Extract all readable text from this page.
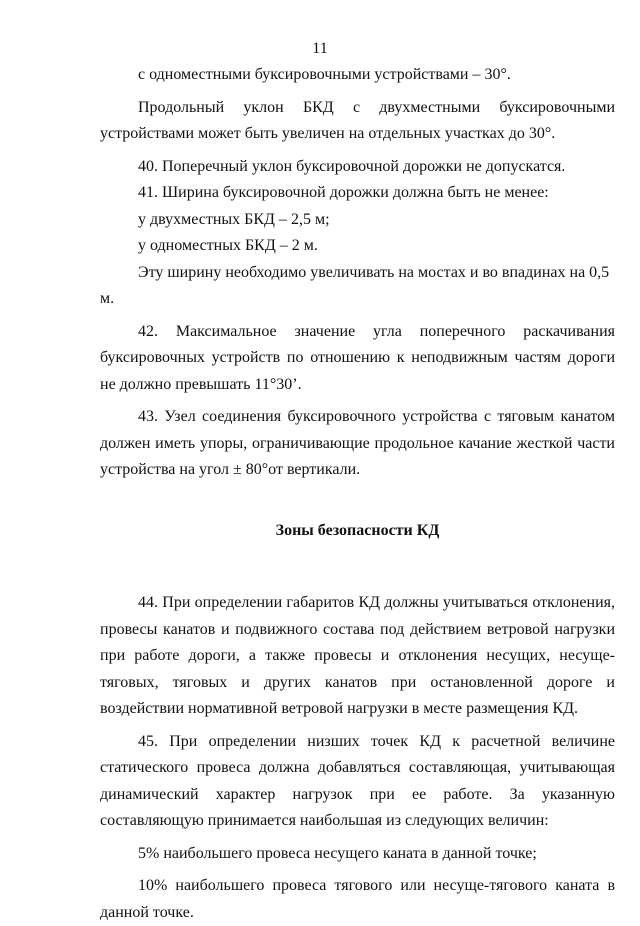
11

с одноместными буксировочными устройствами – 30°.

Продольный уклон БКД с двухместными буксировочными устройствами может быть увеличен на отдельных участках до 30°.

40. Поперечный уклон буксировочной дорожки не допускатся.

41. Ширина буксировочной дорожки должна быть не менее:

у двухместных БКД – 2,5 м;

у одноместных БКД – 2 м.

Эту ширину необходимо увеличивать на мостах и во впадинах на 0,5 м.

42. Максимальное значение угла поперечного раскачивания буксировочных устройств по отношению к неподвижным частям дороги не должно превышать 11°30’.

43. Узел соединения буксировочного устройства с тяговым канатом должен иметь упоры, ограничивающие продольное качание жесткой части устройства на угол ± 80°от вертикали.

Зоны безопасности КД

44. При определении габаритов КД должны учитываться отклонения, провесы канатов и подвижного состава под действием ветровой нагрузки при работе дороги, а также провесы и отклонения несущих, несуще-тяговых, тяговых и других канатов при остановленной дороге и воздействии нормативной ветровой нагрузки в месте размещения КД.

45. При определении низших точек КД к расчетной величине статического провеса должна добавляться составляющая, учитывающая динамический характер нагрузок при ее работе. За указанную составляющую принимается наибольшая из следующих величин:

5% наибольшего провеса несущего каната в данной точке;

10% наибольшего провеса тягового или несуще-тягового каната в данной точке.
